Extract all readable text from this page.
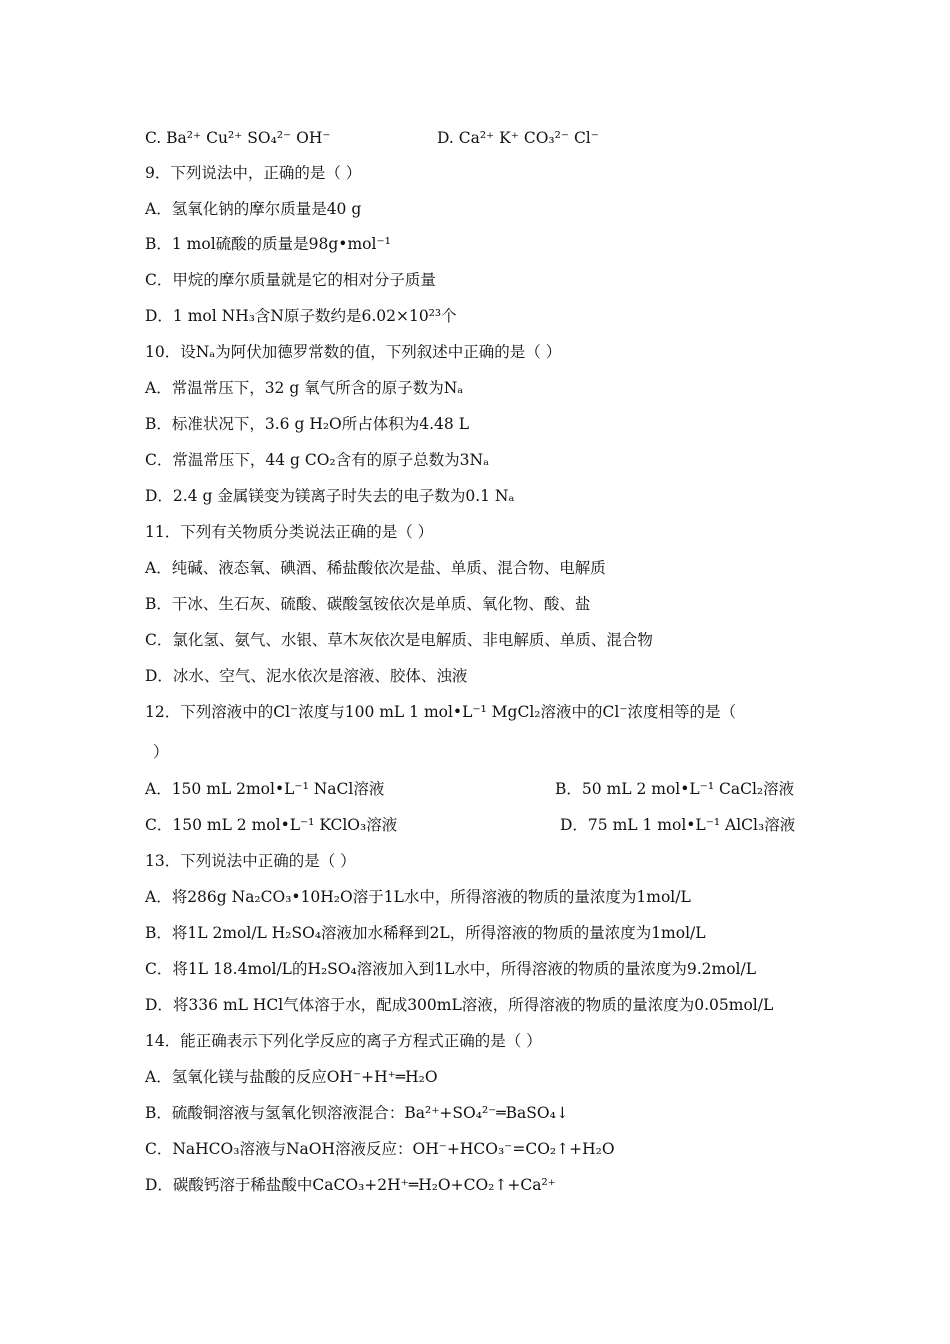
C. Ba²⁺ Cu²⁺ SO₄²⁻ OH⁻	D. Ca²⁺ K⁺ CO₃²⁻ Cl⁻
9．下列说法中，正确的是（ ）
A．氢氧化钠的摩尔质量是40 g
B．1 mol硫酸的质量是98g•mol⁻¹
C．甲烷的摩尔质量就是它的相对分子质量
D．1 mol NH₃含N原子数约是6.02×10²³个
10．设Nₐ为阿伏加德罗常数的值，下列叙述中正确的是（ ）
A．常温常压下，32 g 氧气所含的原子数为Nₐ
B．标准状况下，3.6 g H₂O所占体积为4.48 L
C．常温常压下，44 g CO₂含有的原子总数为3Nₐ
D．2.4 g 金属镁变为镁离子时失去的电子数为0.1 Nₐ
11．下列有关物质分类说法正确的是（ ）
A．纯碱、液态氧、碘酒、稀盐酸依次是盐、单质、混合物、电解质
B．干冰、生石灰、硫酸、碳酸氢铵依次是单质、氧化物、酸、盐
C．氯化氢、氨气、水银、草木灰依次是电解质、非电解质、单质、混合物
D．冰水、空气、泥水依次是溶液、胶体、浊液
12．下列溶液中的Cl⁻浓度与100 mL 1 mol•L⁻¹ MgCl₂溶液中的Cl⁻浓度相等的是（
）
A．150 mL 2mol•L⁻¹ NaCl溶液	B．50 mL 2 mol•L⁻¹ CaCl₂溶液
C．150 mL 2 mol•L⁻¹ KClO₃溶液	D．75 mL 1 mol•L⁻¹ AlCl₃溶液
13．下列说法中正确的是（ ）
A．将286g Na₂CO₃•10H₂O溶于1L水中，所得溶液的物质的量浓度为1mol/L
B．将1L 2mol/L H₂SO₄溶液加水稀释到2L，所得溶液的物质的量浓度为1mol/L
C．将1L 18.4mol/L的H₂SO₄溶液加入到1L水中，所得溶液的物质的量浓度为9.2mol/L
D．将336 mL HCl气体溶于水，配成300mL溶液，所得溶液的物质的量浓度为0.05mol/L
14．能正确表示下列化学反应的离子方程式正确的是（ ）
A．氢氧化镁与盐酸的反应OH⁻+H⁺═H₂O
B．硫酸铜溶液与氢氧化钡溶液混合：Ba²⁺+SO₄²⁻═BaSO₄↓
C．NaHCO₃溶液与NaOH溶液反应：OH⁻+HCO₃⁻=CO₂↑+H₂O
D．碳酸钙溶于稀盐酸中CaCO₃+2H⁺═H₂O+CO₂↑+Ca²⁺
